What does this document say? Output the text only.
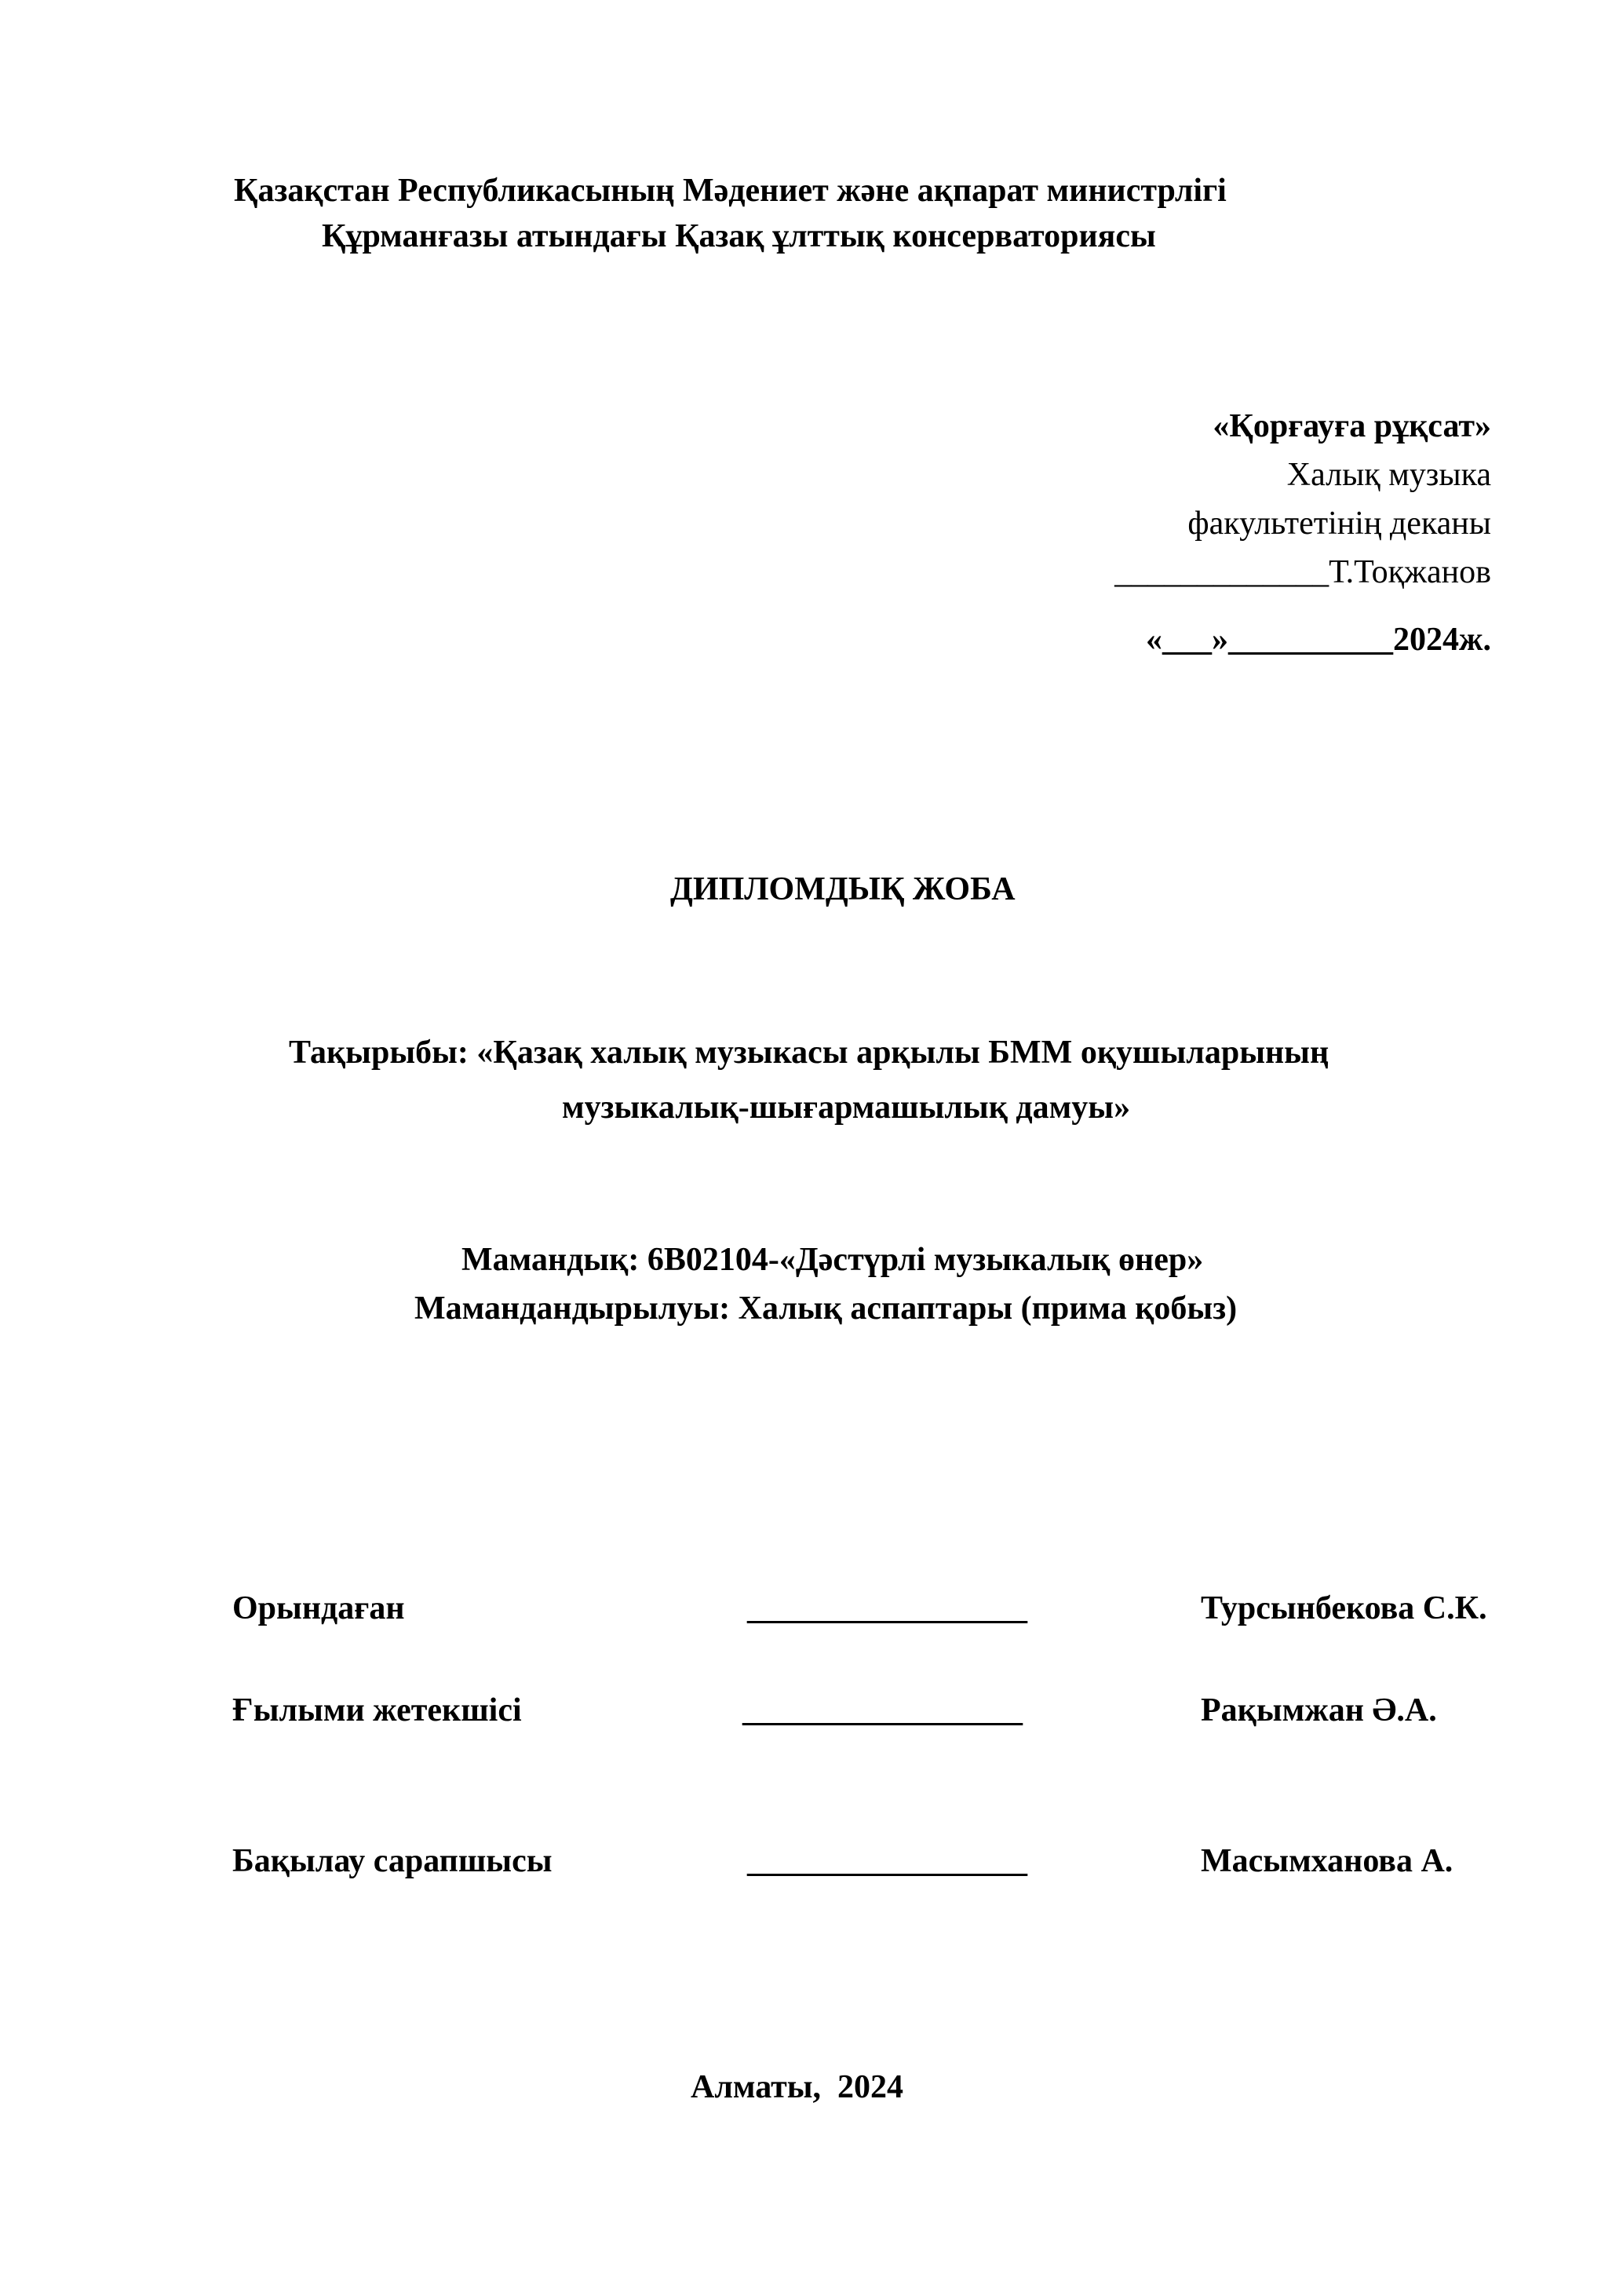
Қазақстан Республикасының Мәдениет және ақпарат министрлігі
Құрманғазы атындағы Қазақ ұлттық консерваториясы
«Қорғауға рұқсат»
Халық музыка
факультетінің деканы
_____________Т.Тоқжанов
«___»__________2024ж.
ДИПЛОМДЫҚ ЖОБА
Тақырыбы: «Қазақ халық музыкасы арқылы БММ оқушыларының
музыкалық-шығармашылық дамуы»
Мамандық: 6В02104-«Дәстүрлі музыкалық өнер»
Мамандандырылуы: Халық аспаптары (прима қобыз)
Орындаған	_________________	Турсынбекова С.К.
Ғылыми жетекшісі	_________________	Рақымжан Ә.А.
Бақылау сарапшысы	_________________	Масымханова А.
Алматы,  2024
